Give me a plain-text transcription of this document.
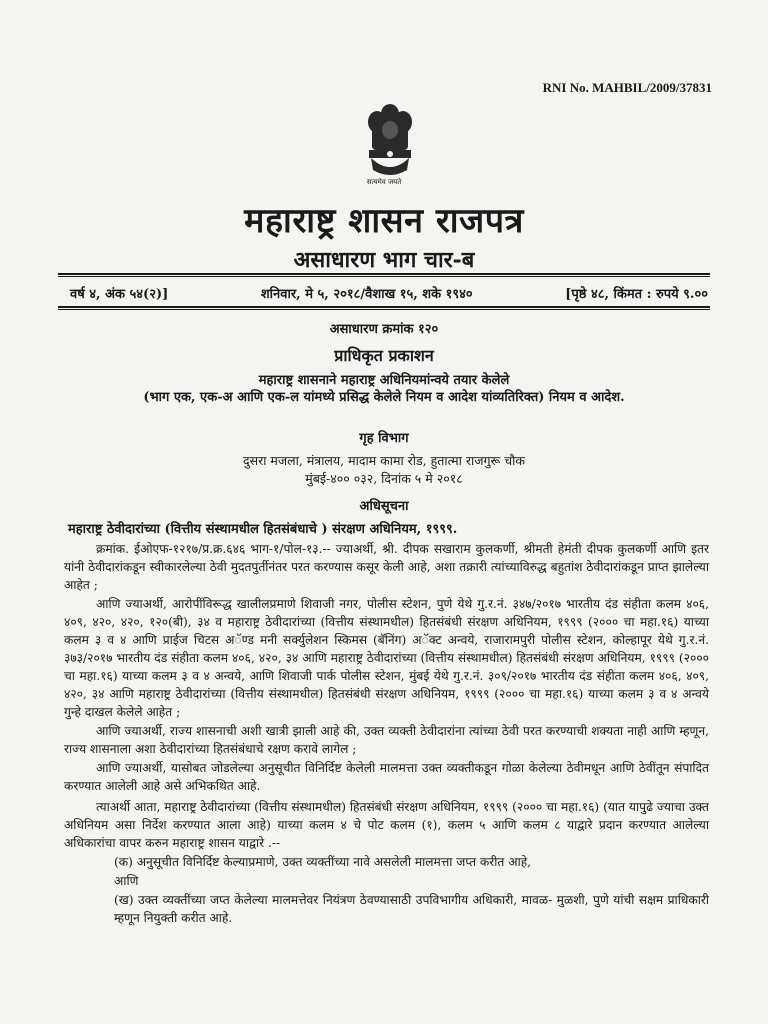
RNI No. MAHBIL/2009/37831
सत्यमेव जयते
महाराष्ट्र शासन राजपत्र
असाधारण भाग चार-ब
वर्ष ४, अंक ५४(२)]	शनिवार, मे ५, २०१८/वैशाख १५, शके १९४०	[पृष्ठे ४८, किंमत : रुपये ९.००
असाधारण क्रमांक १२०
प्राधिकृत प्रकाशन
महाराष्ट्र शासनाने महाराष्ट्र अधिनियमांन्वये तयार केलेले
(भाग एक, एक-अ आणि एक-ल यांमध्ये प्रसिद्ध केलेले नियम व आदेश यांव्यतिरिक्त) नियम व आदेश.
गृह विभाग
दुसरा मजला, मंत्रालय, मादाम कामा रोड, हुतात्मा राजगुरू चौक
मुंबई-४०० ०३२, दिनांक ५ मे २०१८
अधिसूचना
महाराष्ट्र ठेवीदारांच्या (वित्तीय संस्थामधील हितसंबंधाचे ) संरक्षण अधिनियम, १९९९.

क्रमांक. ईओएफ-१२१७/प्र.क्र.६४६ भाग-१/पोल-१३.-- ज्याअर्थी, श्री. दीपक सखाराम कुलकर्णी, श्रीमती हेमंती दीपक कुलकर्णी आणि इतर यांनी ठेवीदारांकडून स्वीकारलेल्या ठेवी मुदतपुर्तीनंतर परत करण्यास कसूर केली आहे, अशा तक्रारी त्यांच्याविरुद्ध बहुतांश ठेवीदारांकडून प्राप्त झालेल्या आहेत ;

आणि ज्याअर्थी, आरोपींविरूद्ध खालीलप्रमाणे शिवाजी नगर, पोलीस स्टेशन, पुणे येथे गु.र.नं. ३४७/२०१७ भारतीय दंड संहीता कलम ४०६, ४०९, ४२०, ४२०, १२०(बी), ३४ व महाराष्ट्र ठेवीदारांच्या (वित्तीय संस्थामधील) हितसंबंधी संरक्षण अधिनियम, १९९९ (२००० चा महा.१६) याच्या कलम ३ व ४ आणि प्राईज चिटस अॅण्ड मनी सर्क्युलेशन स्किमस (बॅनिंग) अॅक्ट अन्वये, राजारामपुरी पोलीस स्टेशन, कोल्हापूर येथे गु.र.नं. ३७३/२०१७ भारतीय दंड संहीता कलम ४०६, ४२०, ३४ आणि महाराष्ट्र ठेवीदारांच्या (वित्तीय संस्थामधील) हितसंबंधी संरक्षण अधिनियम, १९९९ (२००० चा महा.१६) याच्या कलम ३ व ४ अन्वये, आणि शिवाजी पार्क पोलीस स्टेशन, मुंबई येथे गु.र.नं. ३०९/२०१७ भारतीय दंड संहीता कलम ४०६, ४०९, ४२०, ३४ आणि महाराष्ट्र ठेवीदारांच्या (वित्तीय संस्थामधील) हितसंबंधी संरक्षण अधिनियम, १९९९ (२००० चा महा.१६) याच्या कलम ३ व ४ अन्वये गुन्हे दाखल केलेले आहेत ;

आणि ज्याअर्थी, राज्य शासनाची अशी खात्री झाली आहे की, उक्त व्यक्ती ठेवीदारांना त्यांच्या ठेवी परत करण्याची शक्यता नाही आणि म्हणून, राज्य शासनाला अशा ठेवीदारांच्या हितसंबंधाचे रक्षण करावे लागेल ;

आणि ज्याअर्थी, यासोबत जोडलेल्या अनुसूचीत विनिर्दिष्ट केलेली मालमत्ता उक्त व्यक्तीकडून गोळा केलेल्या ठेवीमधून आणि ठेवींतून संपादित करण्यात आलेली आहे असे अभिकथित आहे.

त्याअर्थी आता, महाराष्ट्र ठेवीदारांच्या (वित्तीय संस्थामधील) हितसंबंधी संरक्षण अधिनियम, १९९९ (२००० चा महा.१६) (यात यापुढे ज्याचा उक्त अधिनियम असा निर्देश करण्यात आला आहे) याच्या कलम ४ चे पोट कलम (१), कलम ५ आणि कलम ८ याद्वारे प्रदान करण्यात आलेल्या अधिकारांचा वापर करुन महाराष्ट्र शासन याद्वारे .--

(क) अनुसूचीत विनिर्दिष्ट केल्याप्रमाणे, उक्त व्यक्तींच्या नावे असलेली मालमत्ता जप्त करीत आहे,

आणि

(ख) उक्त व्यक्तींच्या जप्त केलेल्या मालमत्तेवर नियंत्रण ठेवण्यासाठी उपविभागीय अधिकारी, मावळ- मुळशी, पुणे यांची सक्षम प्राधिकारी म्हणून नियुक्ती करीत आहे.
